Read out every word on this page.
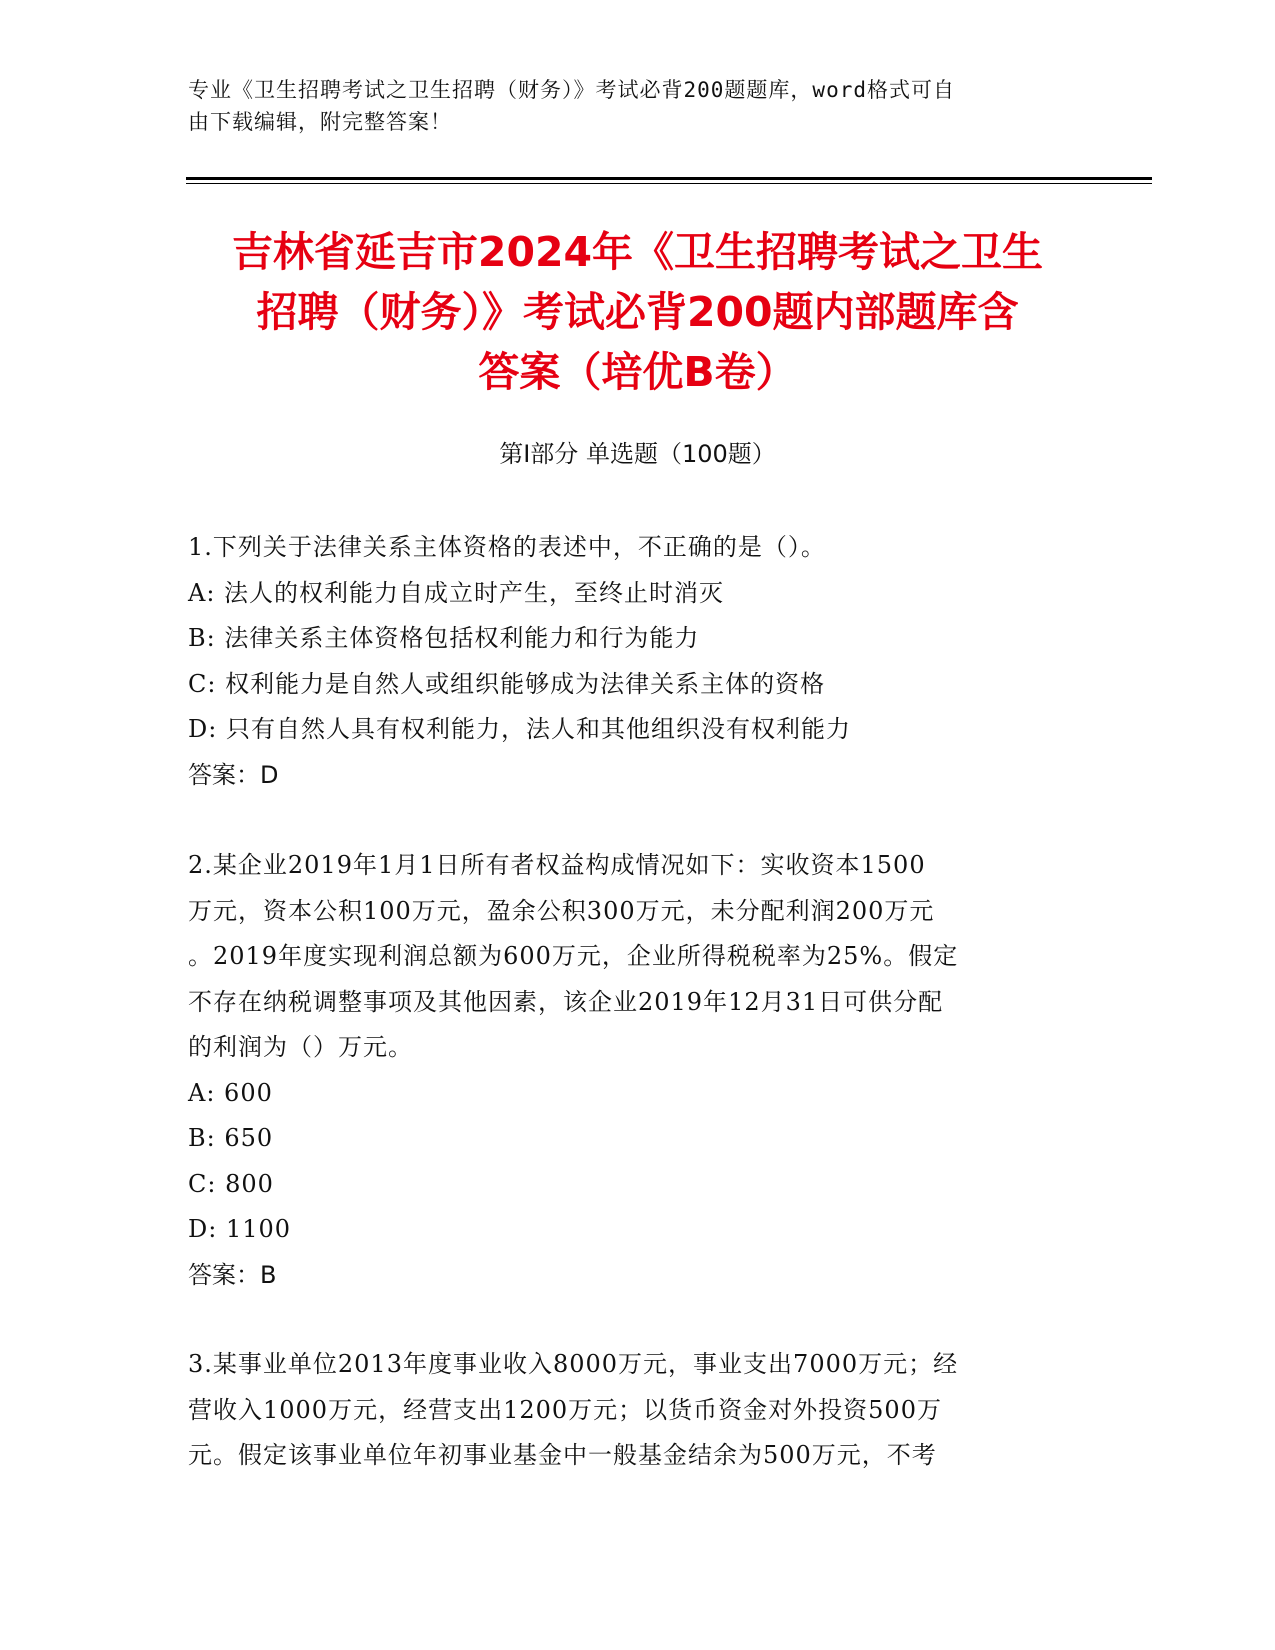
专业《卫生招聘考试之卫生招聘（财务）》考试必背200题题库，word格式可自
由下载编辑，附完整答案！
吉林省延吉市2024年《卫生招聘考试之卫生
招聘（财务）》考试必背200题内部题库含
答案（培优B卷）
第Ⅰ部分 单选题（100题）
1.下列关于法律关系主体资格的表述中，不正确的是（）。
A: 法人的权利能力自成立时产生，至终止时消灭
B: 法律关系主体资格包括权利能力和行为能力
C: 权利能力是自然人或组织能够成为法律关系主体的资格
D: 只有自然人具有权利能力，法人和其他组织没有权利能力
答案：D
2.某企业2019年1月1日所有者权益构成情况如下：实收资本1500
万元，资本公积100万元，盈余公积300万元，未分配利润200万元
。2019年度实现利润总额为600万元，企业所得税税率为25%。假定
不存在纳税调整事项及其他因素，该企业2019年12月31日可供分配
的利润为（）万元。
A: 600
B: 650
C: 800
D: 1100
答案：B
3.某事业单位2013年度事业收入8000万元，事业支出7000万元；经
营收入1000万元，经营支出1200万元；以货币资金对外投资500万
元。假定该事业单位年初事业基金中一般基金结余为500万元，不考
